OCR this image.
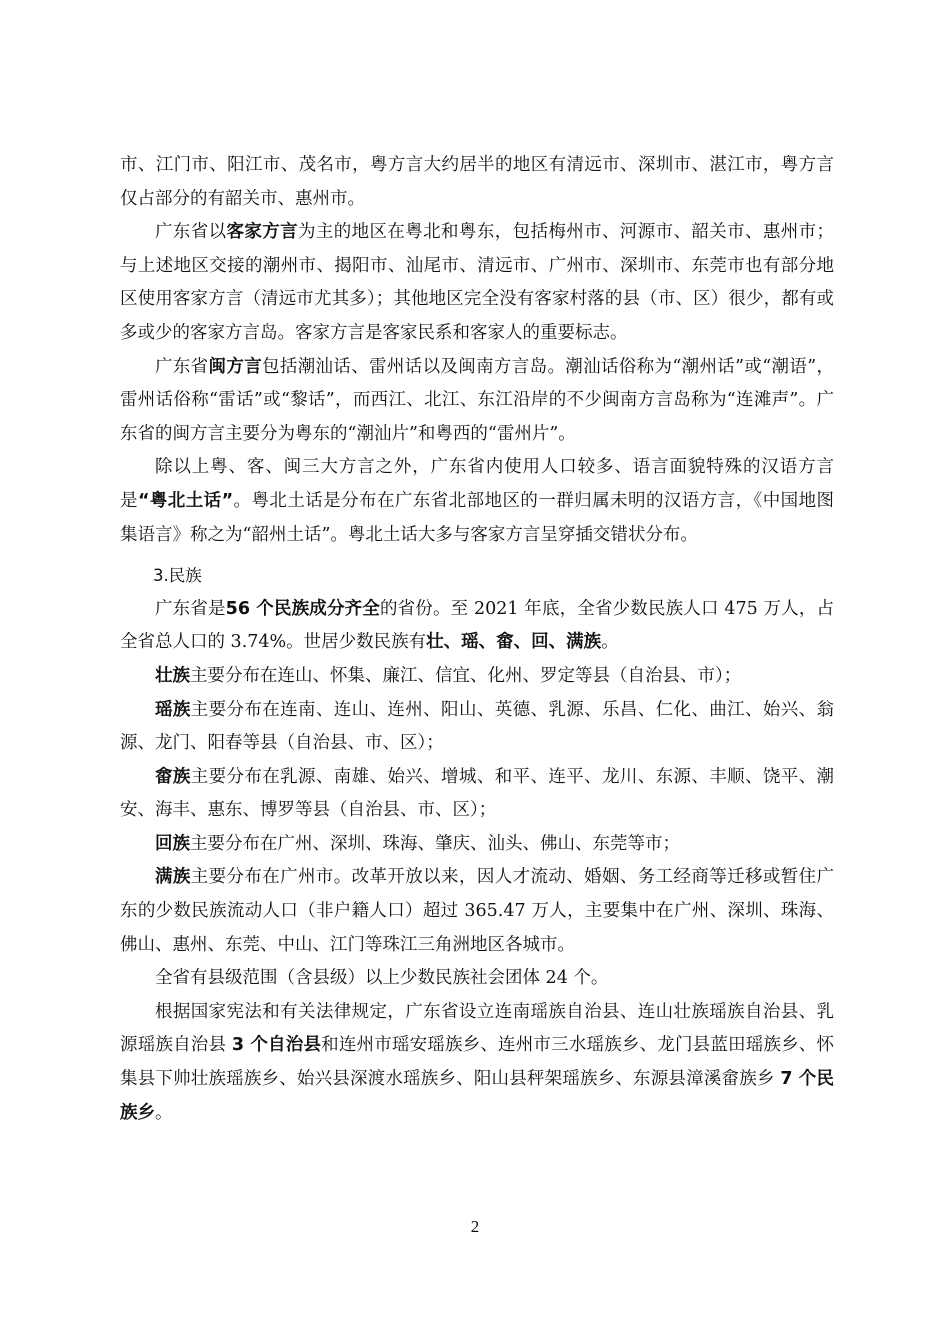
市、江门市、阳江市、茂名市，粤方言大约居半的地区有清远市、深圳市、湛江市，粤方言仅占部分的有韶关市、惠州市。

广东省以客家方言为主的地区在粤北和粤东，包括梅州市、河源市、韶关市、惠州市；与上述地区交接的潮州市、揭阳市、汕尾市、清远市、广州市、深圳市、东莞市也有部分地区使用客家方言（清远市尤其多）；其他地区完全没有客家村落的县（市、区）很少，都有或多或少的客家方言岛。客家方言是客家民系和客家人的重要标志。

广东省闽方言包括潮汕话、雷州话以及闽南方言岛。潮汕话俗称为“潮州话”或“潮语”，雷州话俗称“雷话”或“黎话”，而西江、北江、东江沿岸的不少闽南方言岛称为“连滩声”。广东省的闽方言主要分为粤东的“潮汕片”和粤西的“雷州片”。

除以上粤、客、闽三大方言之外，广东省内使用人口较多、语言面貌特殊的汉语方言是“粤北土话”。粤北土话是分布在广东省北部地区的一群归属未明的汉语方言，《中国地图集语言》称之为“韶州土话”。粤北土话大多与客家方言呈穿插交错状分布。

3.民族

广东省是56 个民族成分齐全的省份。至 2021 年底，全省少数民族人口 475 万人，占全省总人口的 3.74%。世居少数民族有壮、瑶、畲、回、满族。

壮族主要分布在连山、怀集、廉江、信宜、化州、罗定等县（自治县、市）；

瑶族主要分布在连南、连山、连州、阳山、英德、乳源、乐昌、仁化、曲江、始兴、翁源、龙门、阳春等县（自治县、市、区）；

畲族主要分布在乳源、南雄、始兴、增城、和平、连平、龙川、东源、丰顺、饶平、潮安、海丰、惠东、博罗等县（自治县、市、区）；

回族主要分布在广州、深圳、珠海、肇庆、汕头、佛山、东莞等市；

满族主要分布在广州市。改革开放以来，因人才流动、婚姻、务工经商等迁移或暂住广东的少数民族流动人口（非户籍人口）超过 365.47 万人，主要集中在广州、深圳、珠海、佛山、惠州、东莞、中山、江门等珠江三角洲地区各城市。

全省有县级范围（含县级）以上少数民族社会团体 24 个。

根据国家宪法和有关法律规定，广东省设立连南瑶族自治县、连山壮族瑶族自治县、乳源瑶族自治县 3 个自治县和连州市瑶安瑶族乡、连州市三水瑶族乡、龙门县蓝田瑶族乡、怀集县下帅壮族瑶族乡、始兴县深渡水瑶族乡、阳山县秤架瑶族乡、东源县漳溪畲族乡 7 个民族乡。

2
